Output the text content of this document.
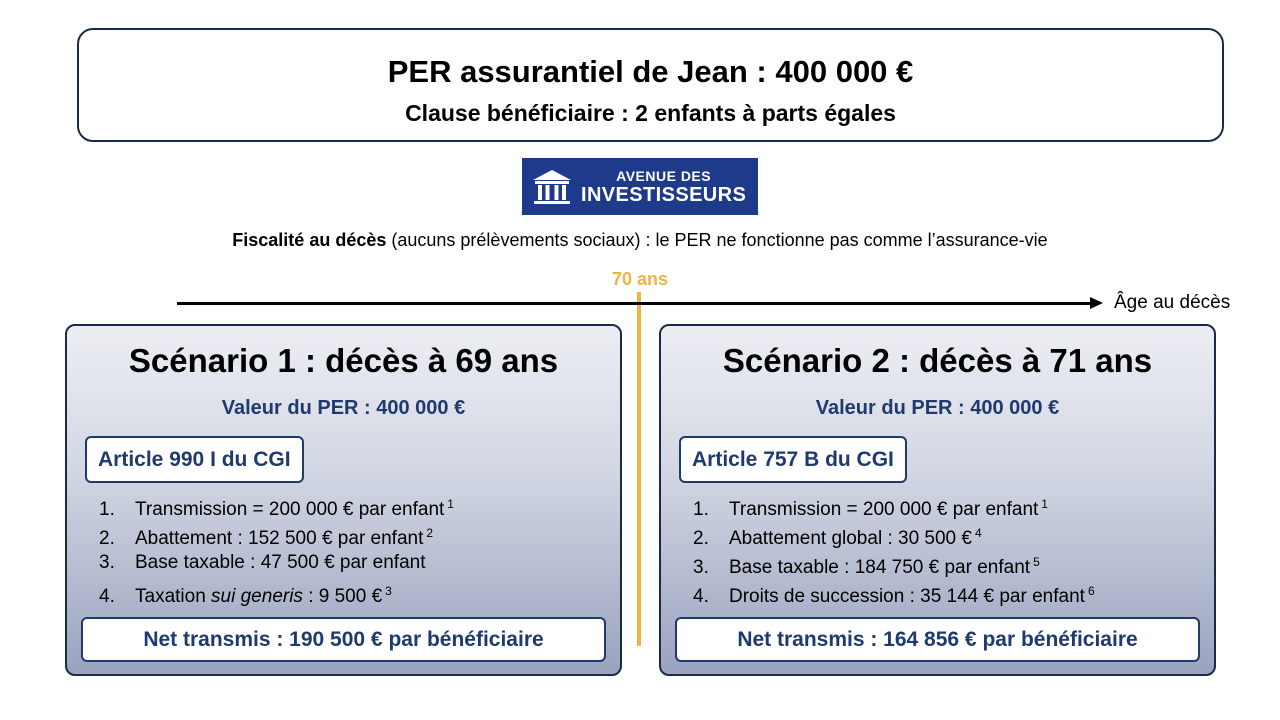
PER assurantiel de Jean : 400 000 €
Clause bénéficiaire : 2 enfants à parts égales
AVENUE DES
INVESTISSEURS
Fiscalité au décès (aucuns prélèvements sociaux) : le PER ne fonctionne pas comme l’assurance-vie
70 ans
Âge au décès
Scénario 1 : décès à 69 ans
Valeur du PER : 400 000 €
Article 990 I du CGI
1. Transmission = 200 000 € par enfant $^1$
2. Abattement : 152 500 € par enfant $^2$
3. Base taxable : 47 500 € par enfant
4. Taxation sui generis : 9 500 € $^3$
Net transmis : 190 500 € par bénéficiaire
Scénario 2 : décès à 71 ans
Valeur du PER : 400 000 €
Article 757 B du CGI
1. Transmission = 200 000 € par enfant $^1$
2. Abattement global : 30 500 € $^4$
3. Base taxable : 184 750 € par enfant $^5$
4. Droits de succession : 35 144 € par enfant $^6$
Net transmis : 164 856 € par bénéficiaire
